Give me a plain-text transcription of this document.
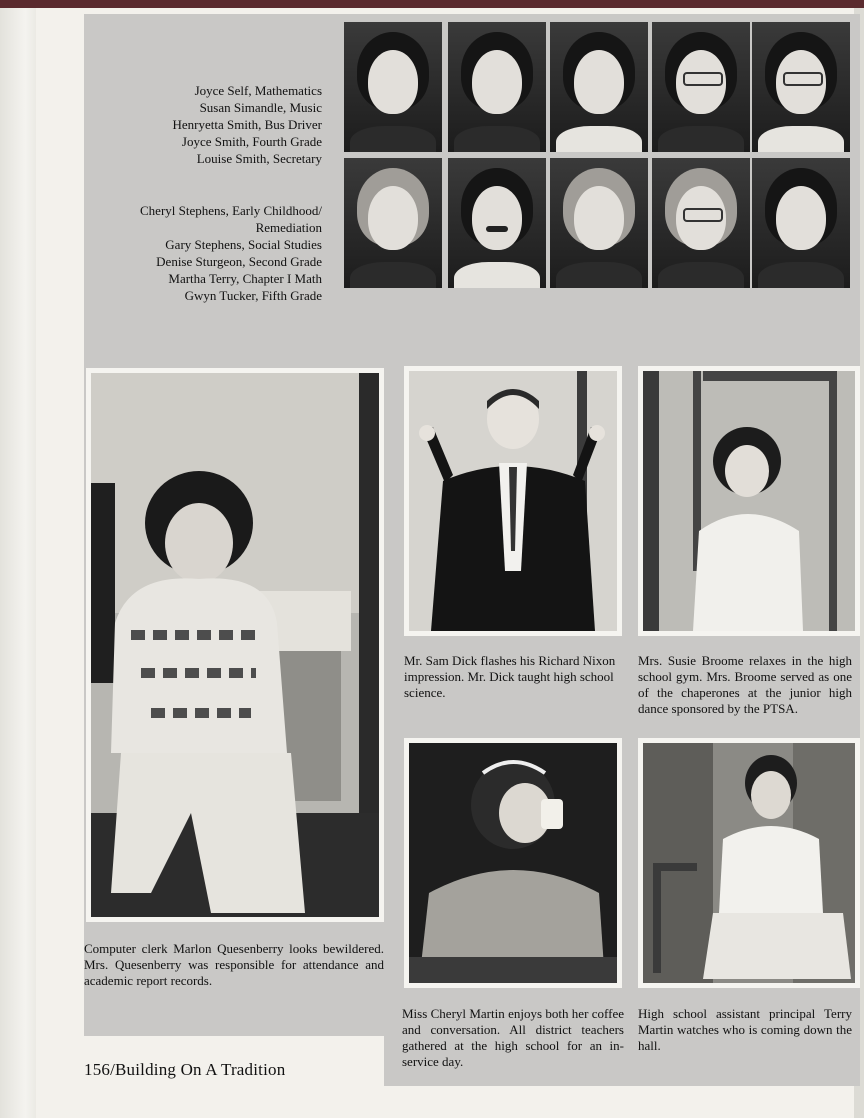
Joyce Self, Mathematics
Susan Simandle, Music
Henryetta Smith, Bus Driver
Joyce Smith, Fourth Grade
Louise Smith, Secretary
Cheryl Stephens, Early Childhood/
Remediation
Gary Stephens, Social Studies
Denise Sturgeon, Second Grade
Martha Terry, Chapter I Math
Gwyn Tucker, Fifth Grade

Computer clerk Marlon Quesenberry looks bewildered. Mrs. Quesenberry was responsible for attendance and academic report records.

Mr. Sam Dick flashes his Richard Nixon impression. Mr. Dick taught high school science.

Mrs. Susie Broome relaxes in the high school gym. Mrs. Broome served as one of the chaperones at the junior high dance sponsored by the PTSA.

Miss Cheryl Martin enjoys both her coffee and conversation. All district teachers gathered at the high school for an in-service day.

High school assistant principal Terry Martin watches who is coming down the hall.

156/Building On A Tradition
